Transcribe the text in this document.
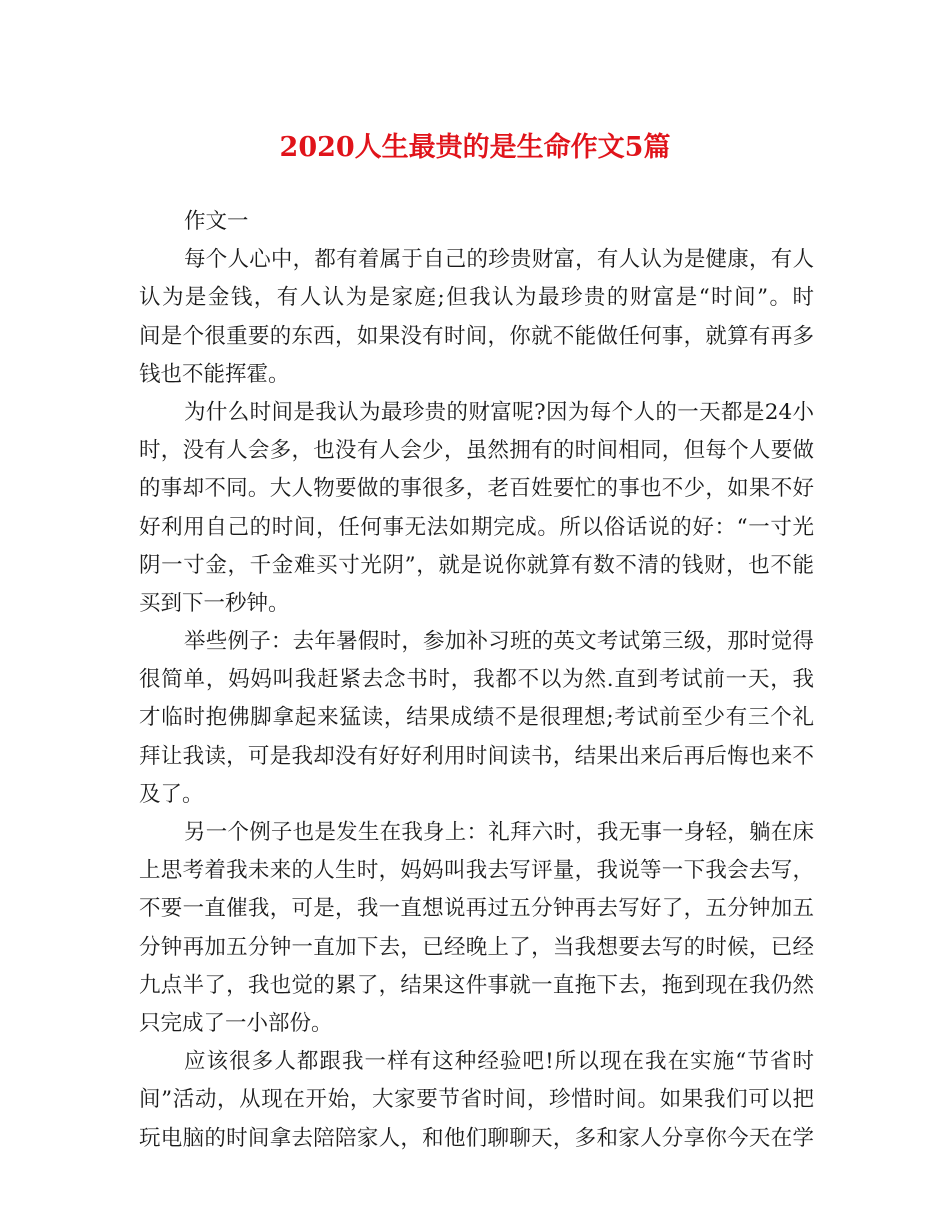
2020人生最贵的是生命作文5篇
作文一
每个人心中，都有着属于自己的珍贵财富，有人认为是健康，有人
认为是金钱，有人认为是家庭;但我认为最珍贵的财富是“时间”。时
间是个很重要的东西，如果没有时间，你就不能做任何事，就算有再多
钱也不能挥霍。
为什么时间是我认为最珍贵的财富呢?因为每个人的一天都是24小
时，没有人会多，也没有人会少，虽然拥有的时间相同，但每个人要做
的事却不同。大人物要做的事很多，老百姓要忙的事也不少，如果不好
好利用自己的时间，任何事无法如期完成。所以俗话说的好：“一寸光
阴一寸金，千金难买寸光阴”，就是说你就算有数不清的钱财，也不能
买到下一秒钟。
举些例子：去年暑假时，参加补习班的英文考试第三级，那时觉得
很简单，妈妈叫我赶紧去念书时，我都不以为然.直到考试前一天，我
才临时抱佛脚拿起来猛读，结果成绩不是很理想;考试前至少有三个礼
拜让我读，可是我却没有好好利用时间读书，结果出来后再后悔也来不
及了。
另一个例子也是发生在我身上：礼拜六时，我无事一身轻，躺在床
上思考着我未来的人生时，妈妈叫我去写评量，我说等一下我会去写，
不要一直催我，可是，我一直想说再过五分钟再去写好了，五分钟加五
分钟再加五分钟一直加下去，已经晚上了，当我想要去写的时候，已经
九点半了，我也觉的累了，结果这件事就一直拖下去，拖到现在我仍然
只完成了一小部份。
应该很多人都跟我一样有这种经验吧!所以现在我在实施“节省时
间”活动，从现在开始，大家要节省时间，珍惜时间。如果我们可以把
玩电脑的时间拿去陪陪家人，和他们聊聊天，多和家人分享你今天在学
